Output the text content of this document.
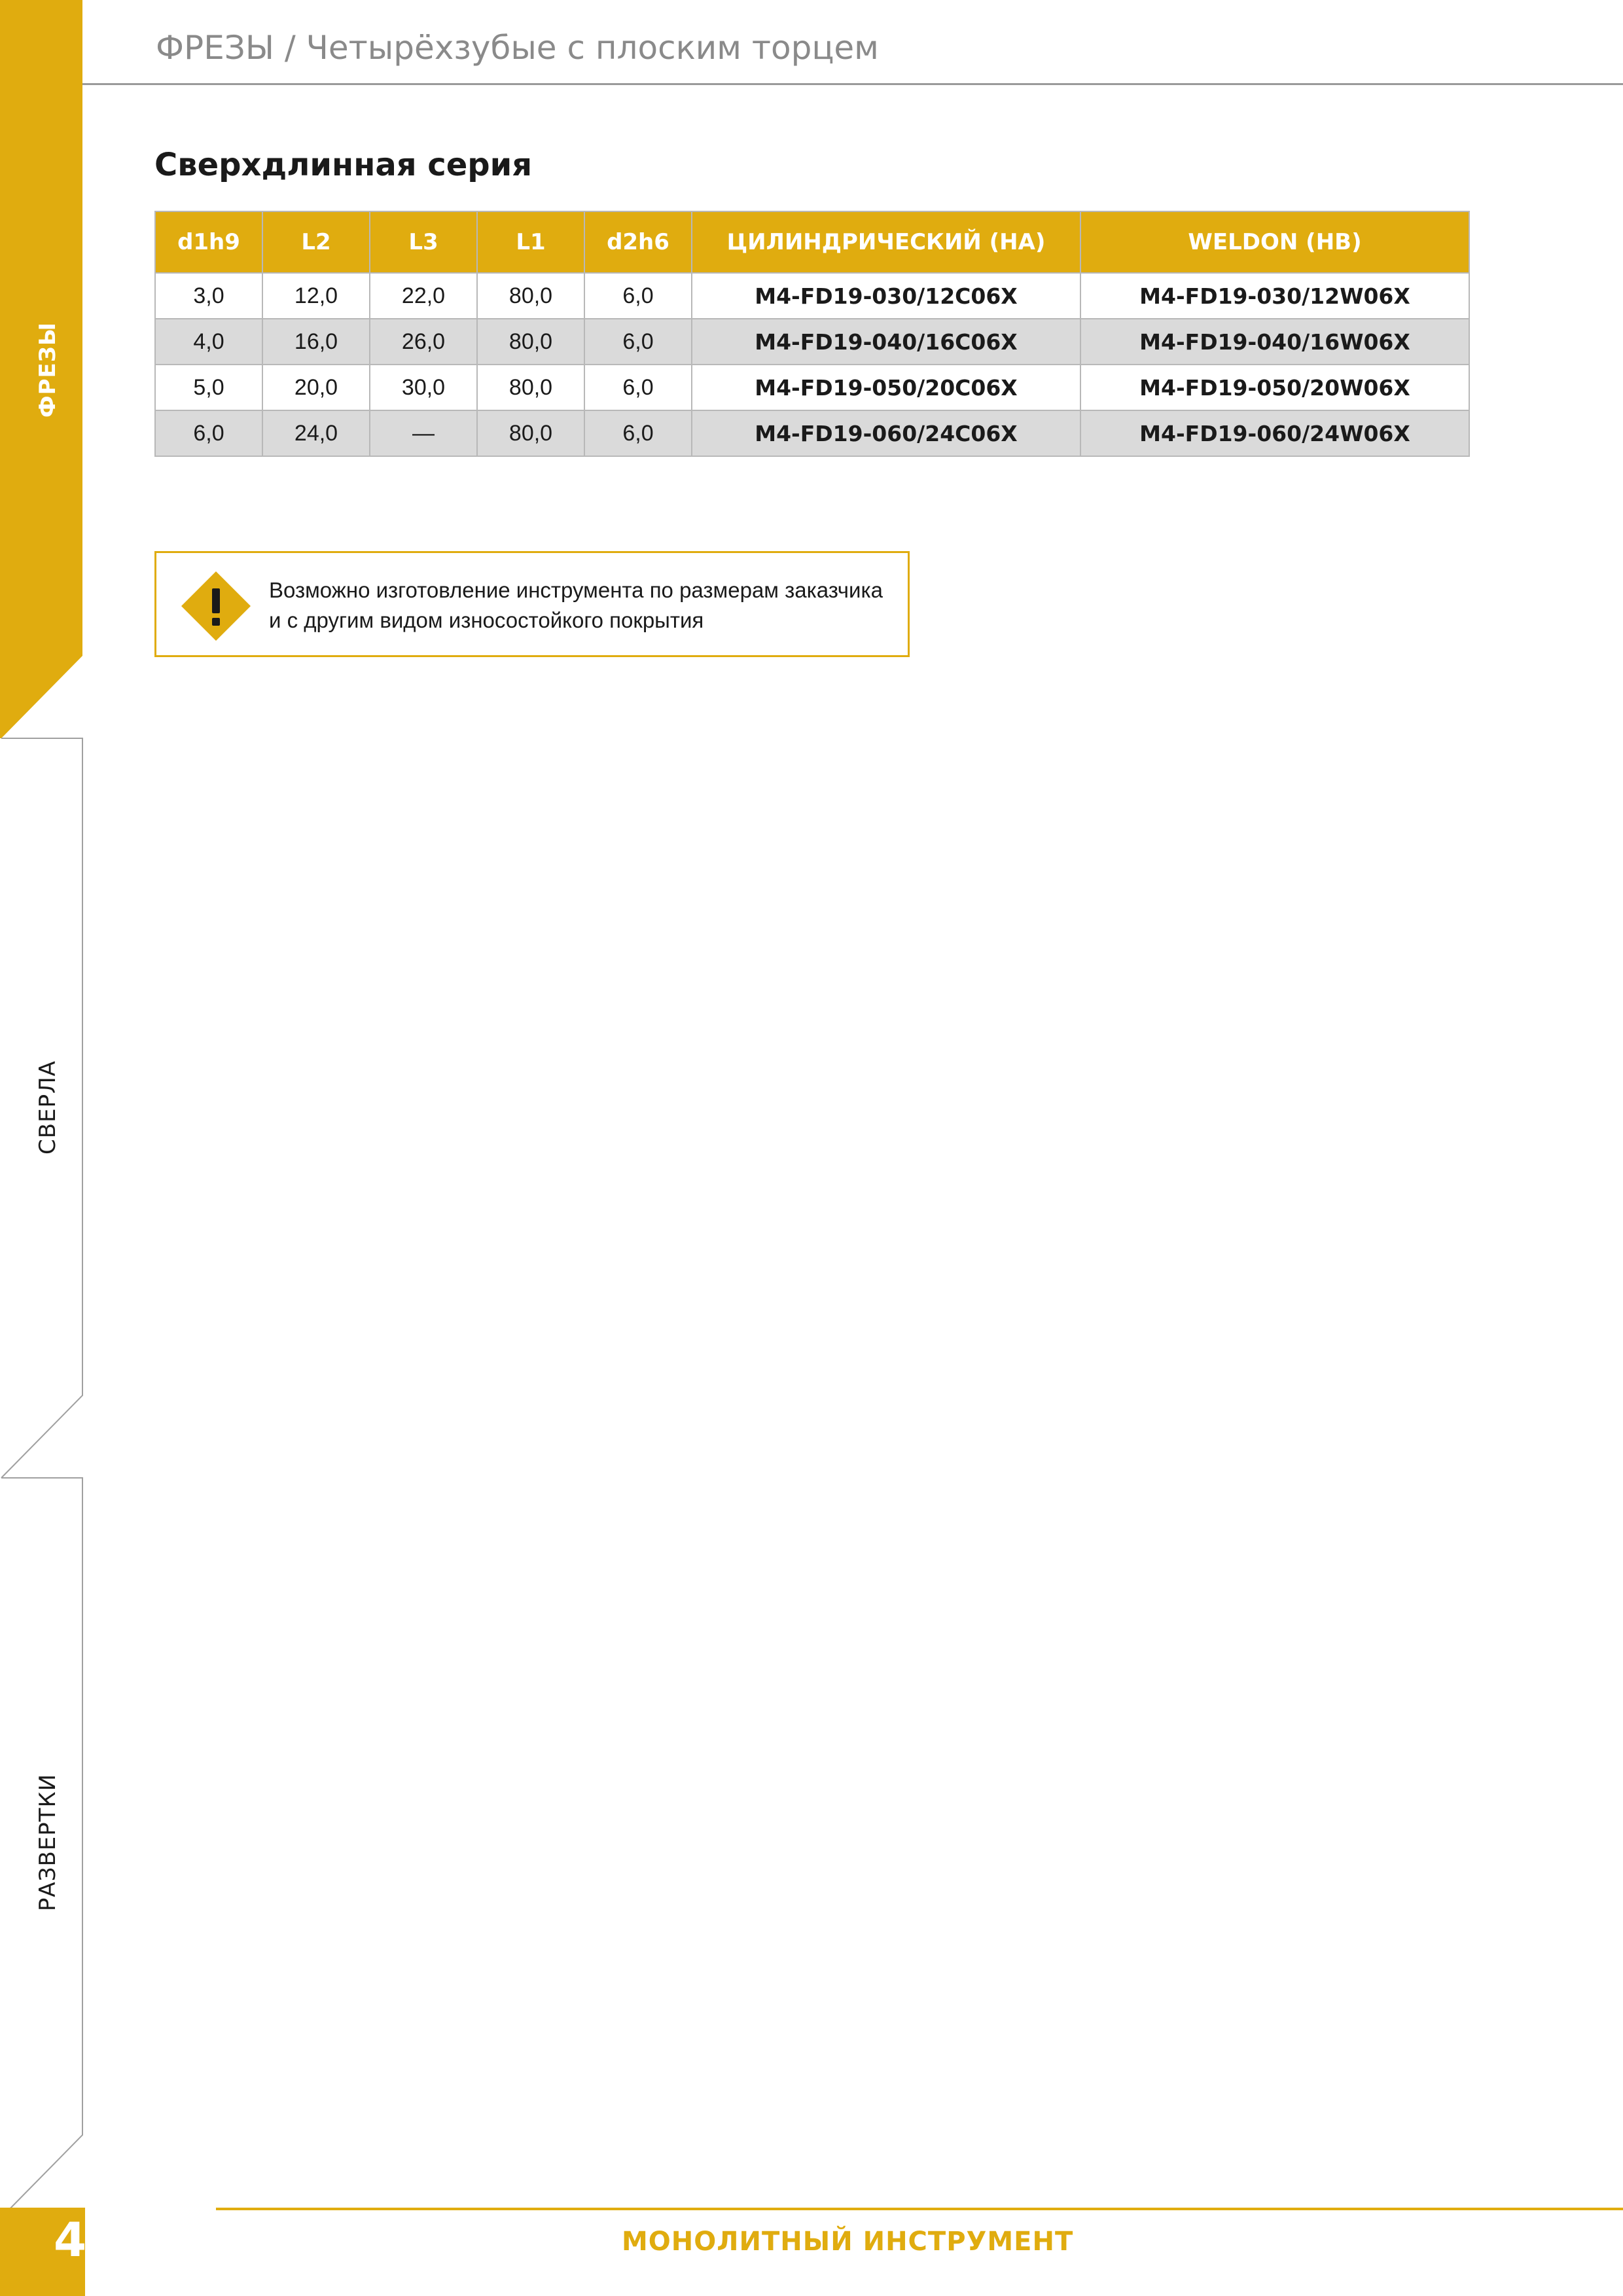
ФРЕЗЫ
СВЕРЛА
РАЗВЕРТКИ
ФРЕЗЫ / Четырёхзубые с плоским торцем
Сверхдлинная серия
d1h9	L2	L3	L1	d2h6	ЦИЛИНДРИЧЕСКИЙ (HA)	WELDON (HB)
3,0	12,0	22,0	80,0	6,0	M4-FD19-030/12C06X	M4-FD19-030/12W06X
4,0	16,0	26,0	80,0	6,0	M4-FD19-040/16C06X	M4-FD19-040/16W06X
5,0	20,0	30,0	80,0	6,0	M4-FD19-050/20C06X	M4-FD19-050/20W06X
6,0	24,0	—	80,0	6,0	M4-FD19-060/24C06X	M4-FD19-060/24W06X
Возможно изготовление инструмента по размерам заказчика
и с другим видом износостойкого покрытия
48	МОНОЛИТНЫЙ ИНСТРУМЕНТ
